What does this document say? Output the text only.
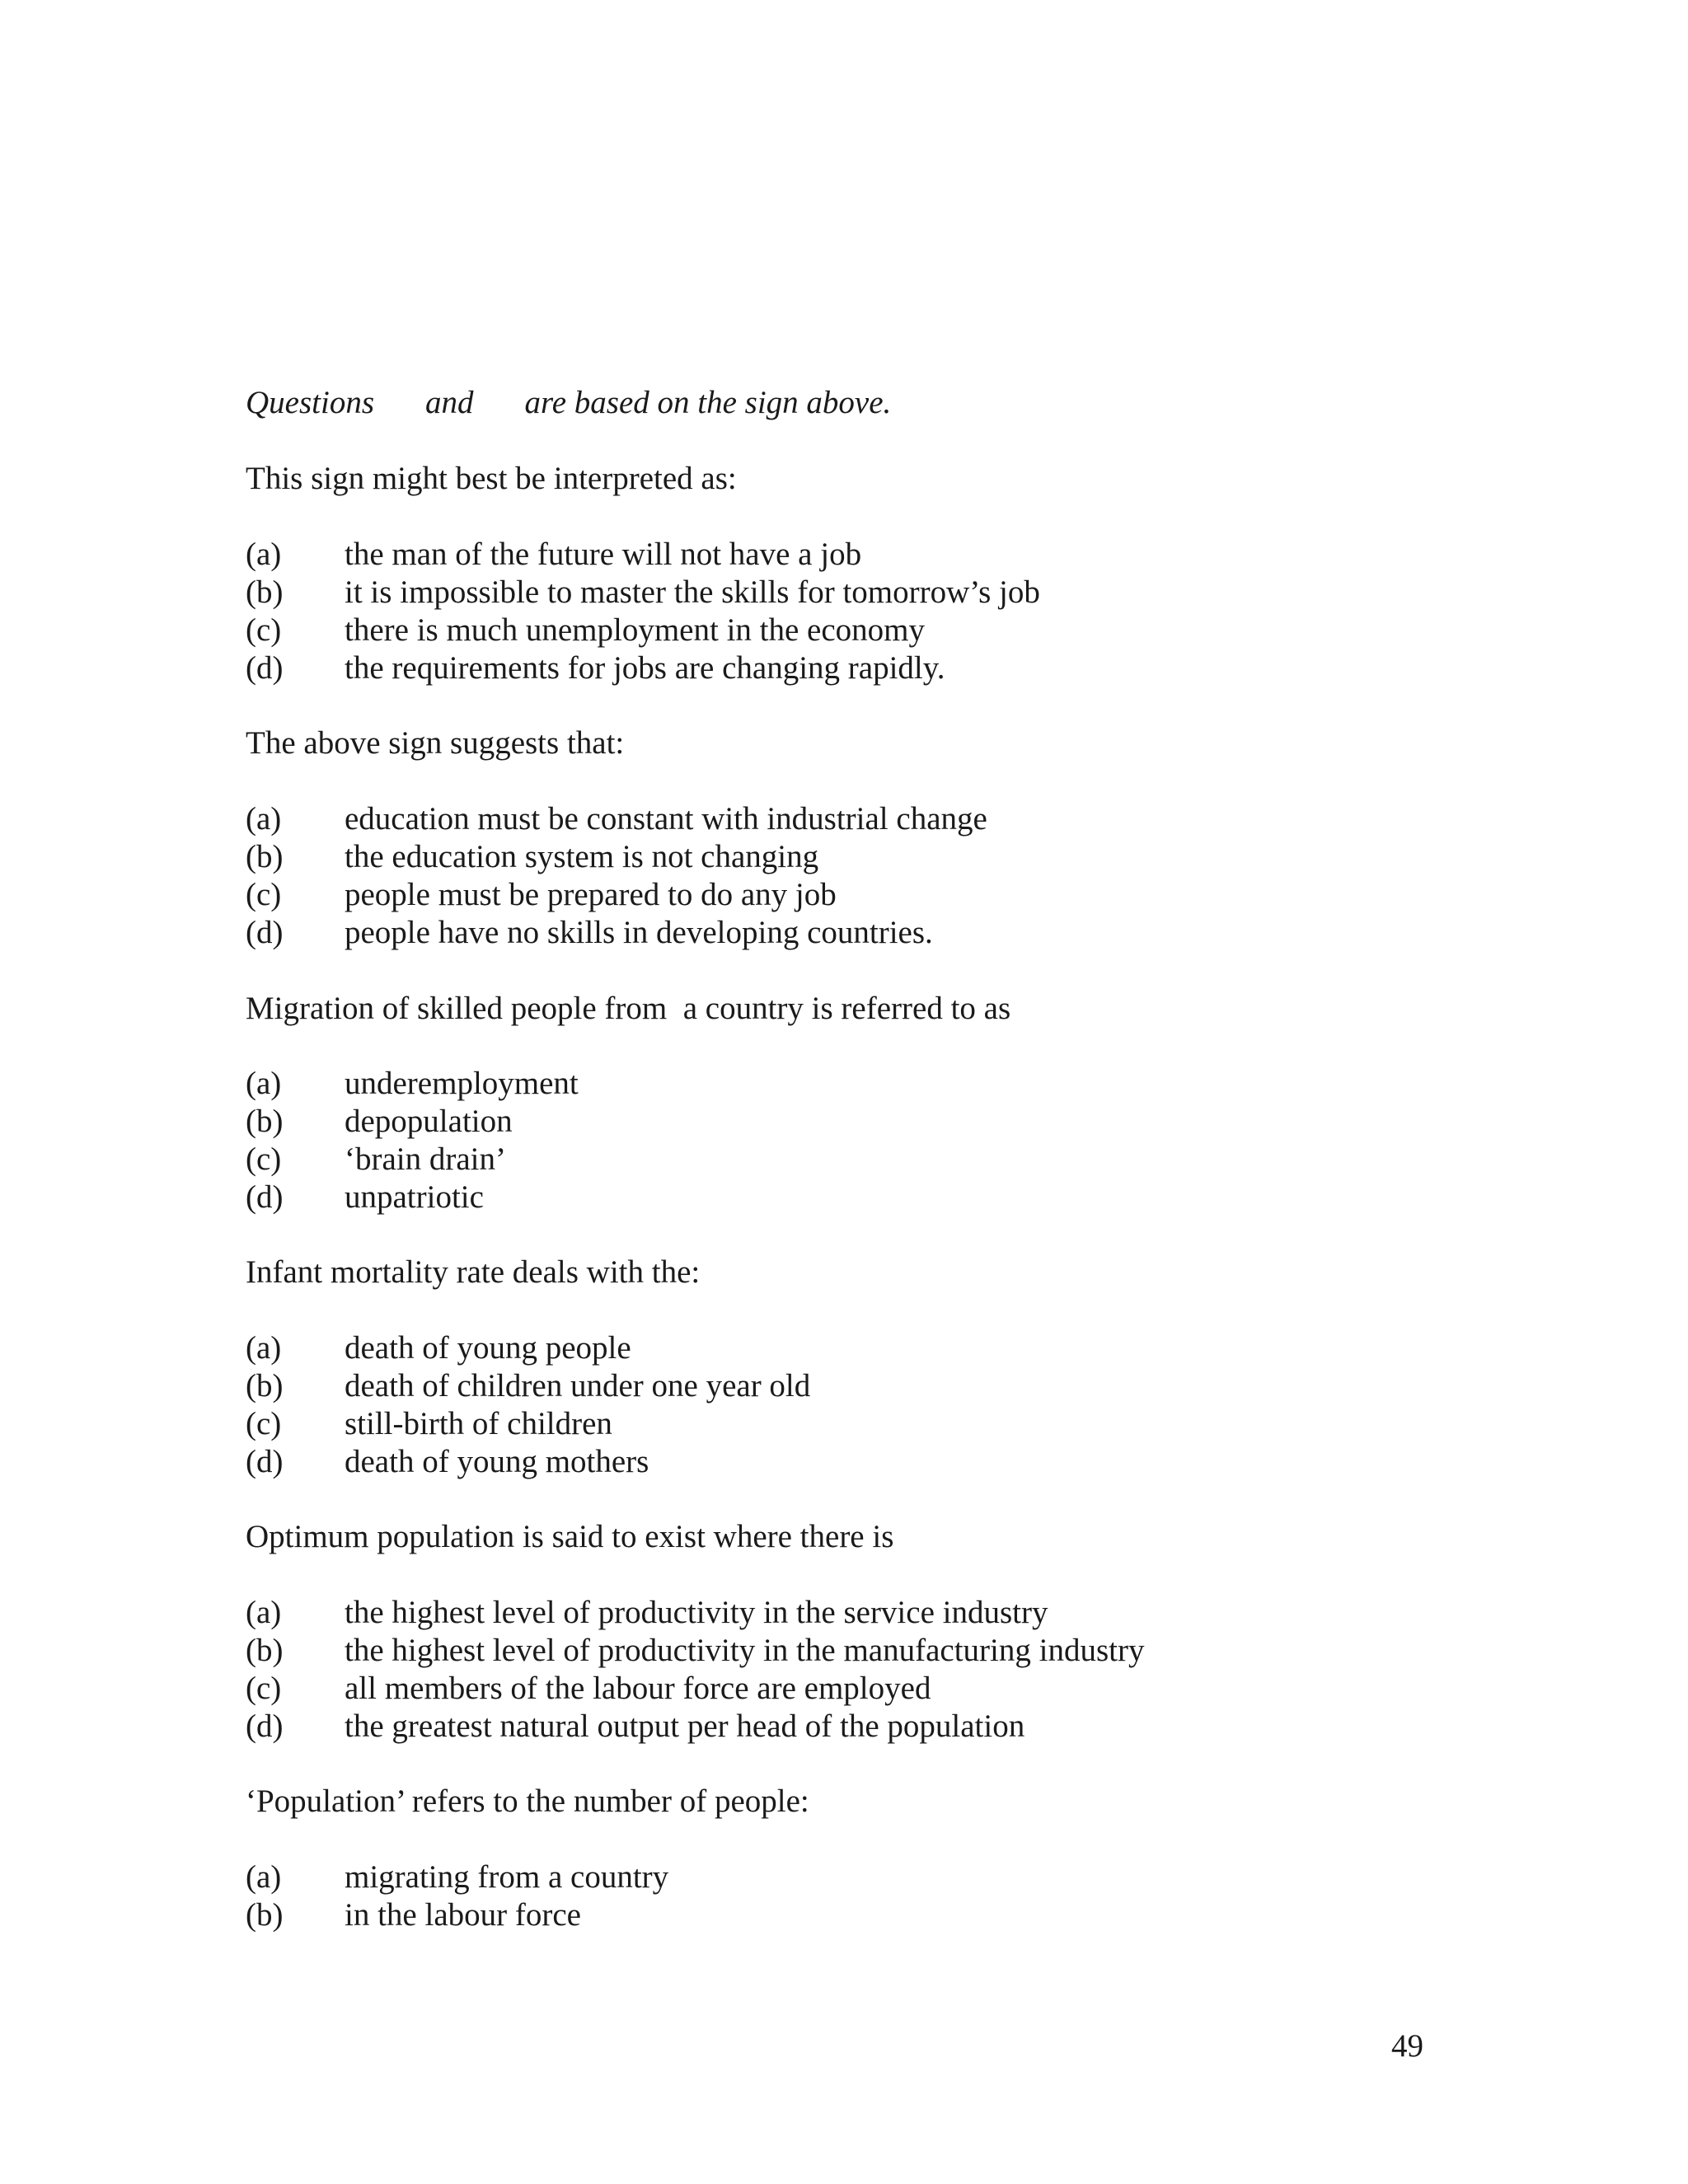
Questions and are based on the sign above.
This sign might best be interpreted as:
(a) the man of the future will not have a job
(b) it is impossible to master the skills for tomorrow’s job
(c) there is much unemployment in the economy
(d) the requirements for jobs are changing rapidly.
The above sign suggests that:
(a) education must be constant with industrial change
(b) the education system is not changing
(c) people must be prepared to do any job
(d) people have no skills in developing countries.
Migration of skilled people from  a country is referred to as
(a) underemployment
(b) depopulation
(c) ‘brain drain’
(d) unpatriotic
Infant mortality rate deals with the:
(a) death of young people
(b) death of children under one year old
(c) still-birth of children
(d) death of young mothers
Optimum population is said to exist where there is
(a) the highest level of productivity in the service industry
(b) the highest level of productivity in the manufacturing industry
(c) all members of the labour force are employed
(d) the greatest natural output per head of the population
‘Population’ refers to the number of people:
(a) migrating from a country
(b) in the labour force
49
